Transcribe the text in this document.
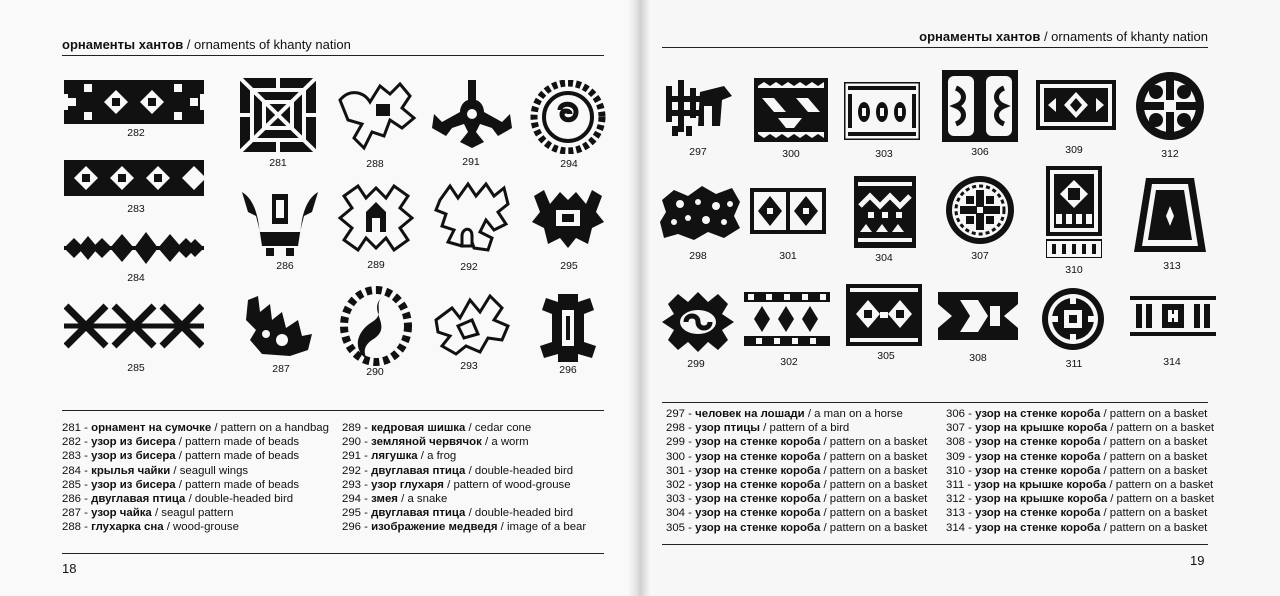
орнаменты хантов / ornaments of khanty nation
282
283
284
285
281
286
287
288
289
290
291
292
293
294
295
296
281 - орнамент на сумочке / pattern on a handbag
282 - узор из бисера / pattern made of beads
283 - узор из бисера / pattern made of beads
284 - крылья чайки / seagull wings
285 - узор из бисера / pattern made of beads
286 - двуглавая птица / double-headed bird
287 - узор чайка / seagul pattern
288 - глухарка сна / wood-grouse
289 - кедровая шишка / cedar cone
290 - земляной червячок / a worm
291 - лягушка / a frog
292 - двуглавая птица / double-headed bird
293 - узор глухаря / pattern of wood-grouse
294 - змея / a snake
295 - двуглавая птица / double-headed bird
296 - изображение медведя / image of a bear
18
орнаменты хантов / ornaments of khanty nation
297	300	303	306	309	312
298	301	304	307
310	313
299	302	305	308	311	314
297 - человек на лошади / a man on a horse
298 - узор птицы / pattern of a bird
299 - узор на стенке короба / pattern on a basket
300 - узор на стенке короба / pattern on a basket
301 - узор на стенке короба / pattern on a basket
302 - узор на стенке короба / pattern on a basket
303 - узор на стенке короба / pattern on a basket
304 - узор на стенке короба / pattern on a basket
305 - узор на стенке короба / pattern on a basket
306 - узор на стенке короба / pattern on a basket
307 - узор на крышке короба / pattern on a basket
308 - узор на стенке короба / pattern on a basket
309 - узор на стенке короба / pattern on a basket
310 - узор на стенке короба / pattern on a basket
311 - узор на крышке короба / pattern on a basket
312 - узор на крышке короба / pattern on a basket
313 - узор на стенке короба / pattern on a basket
314 - узор на стенке короба / pattern on a basket
19
